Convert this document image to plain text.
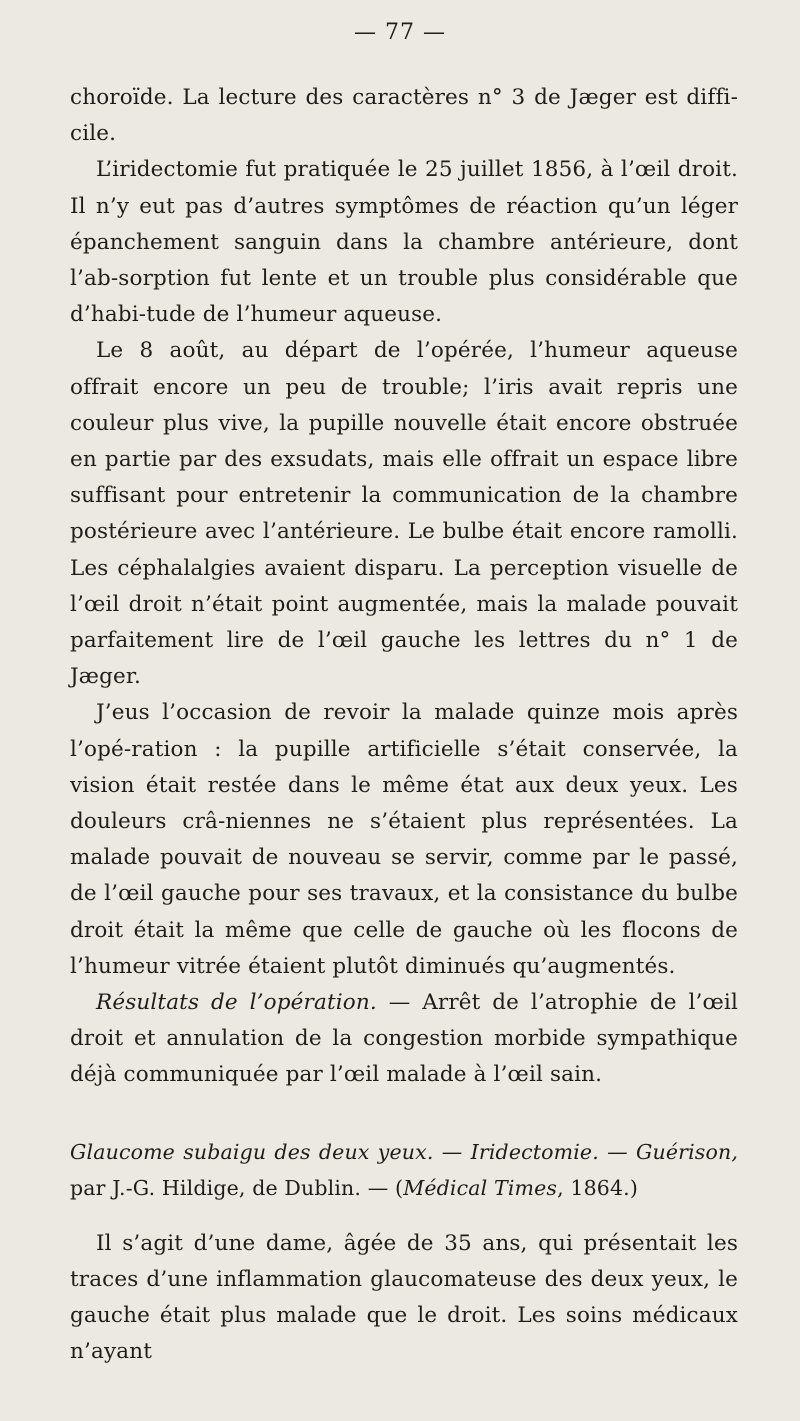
— 77 —

choroïde. La lecture des caractères n° 3 de Jæger est diffi-cile.

L’iridectomie fut pratiquée le 25 juillet 1856, à l’œil droit. Il n’y eut pas d’autres symptômes de réaction qu’un léger épanchement sanguin dans la chambre antérieure, dont l’ab-sorption fut lente et un trouble plus considérable que d’habi-tude de l’humeur aqueuse.

Le 8 août, au départ de l’opérée, l’humeur aqueuse offrait encore un peu de trouble; l’iris avait repris une couleur plus vive, la pupille nouvelle était encore obstruée en partie par des exsudats, mais elle offrait un espace libre suffisant pour entretenir la communication de la chambre postérieure avec l’antérieure. Le bulbe était encore ramolli. Les céphalalgies avaient disparu. La perception visuelle de l’œil droit n’était point augmentée, mais la malade pouvait parfaitement lire de l’œil gauche les lettres du n° 1 de Jæger.

J’eus l’occasion de revoir la malade quinze mois après l’opé-ration : la pupille artificielle s’était conservée, la vision était restée dans le même état aux deux yeux. Les douleurs crâ-niennes ne s’étaient plus représentées. La malade pouvait de nouveau se servir, comme par le passé, de l’œil gauche pour ses travaux, et la consistance du bulbe droit était la même que celle de gauche où les flocons de l’humeur vitrée étaient plutôt diminués qu’augmentés.

Résultats de l’opération. — Arrêt de l’atrophie de l’œil droit et annulation de la congestion morbide sympathique déjà communiquée par l’œil malade à l’œil sain.

Glaucome subaigu des deux yeux. — Iridectomie. — Guérison, par J.-G. Hildige, de Dublin. — (Médical Times, 1864.)

Il s’agit d’une dame, âgée de 35 ans, qui présentait les traces d’une inflammation glaucomateuse des deux yeux, le gauche était plus malade que le droit. Les soins médicaux n’ayant
